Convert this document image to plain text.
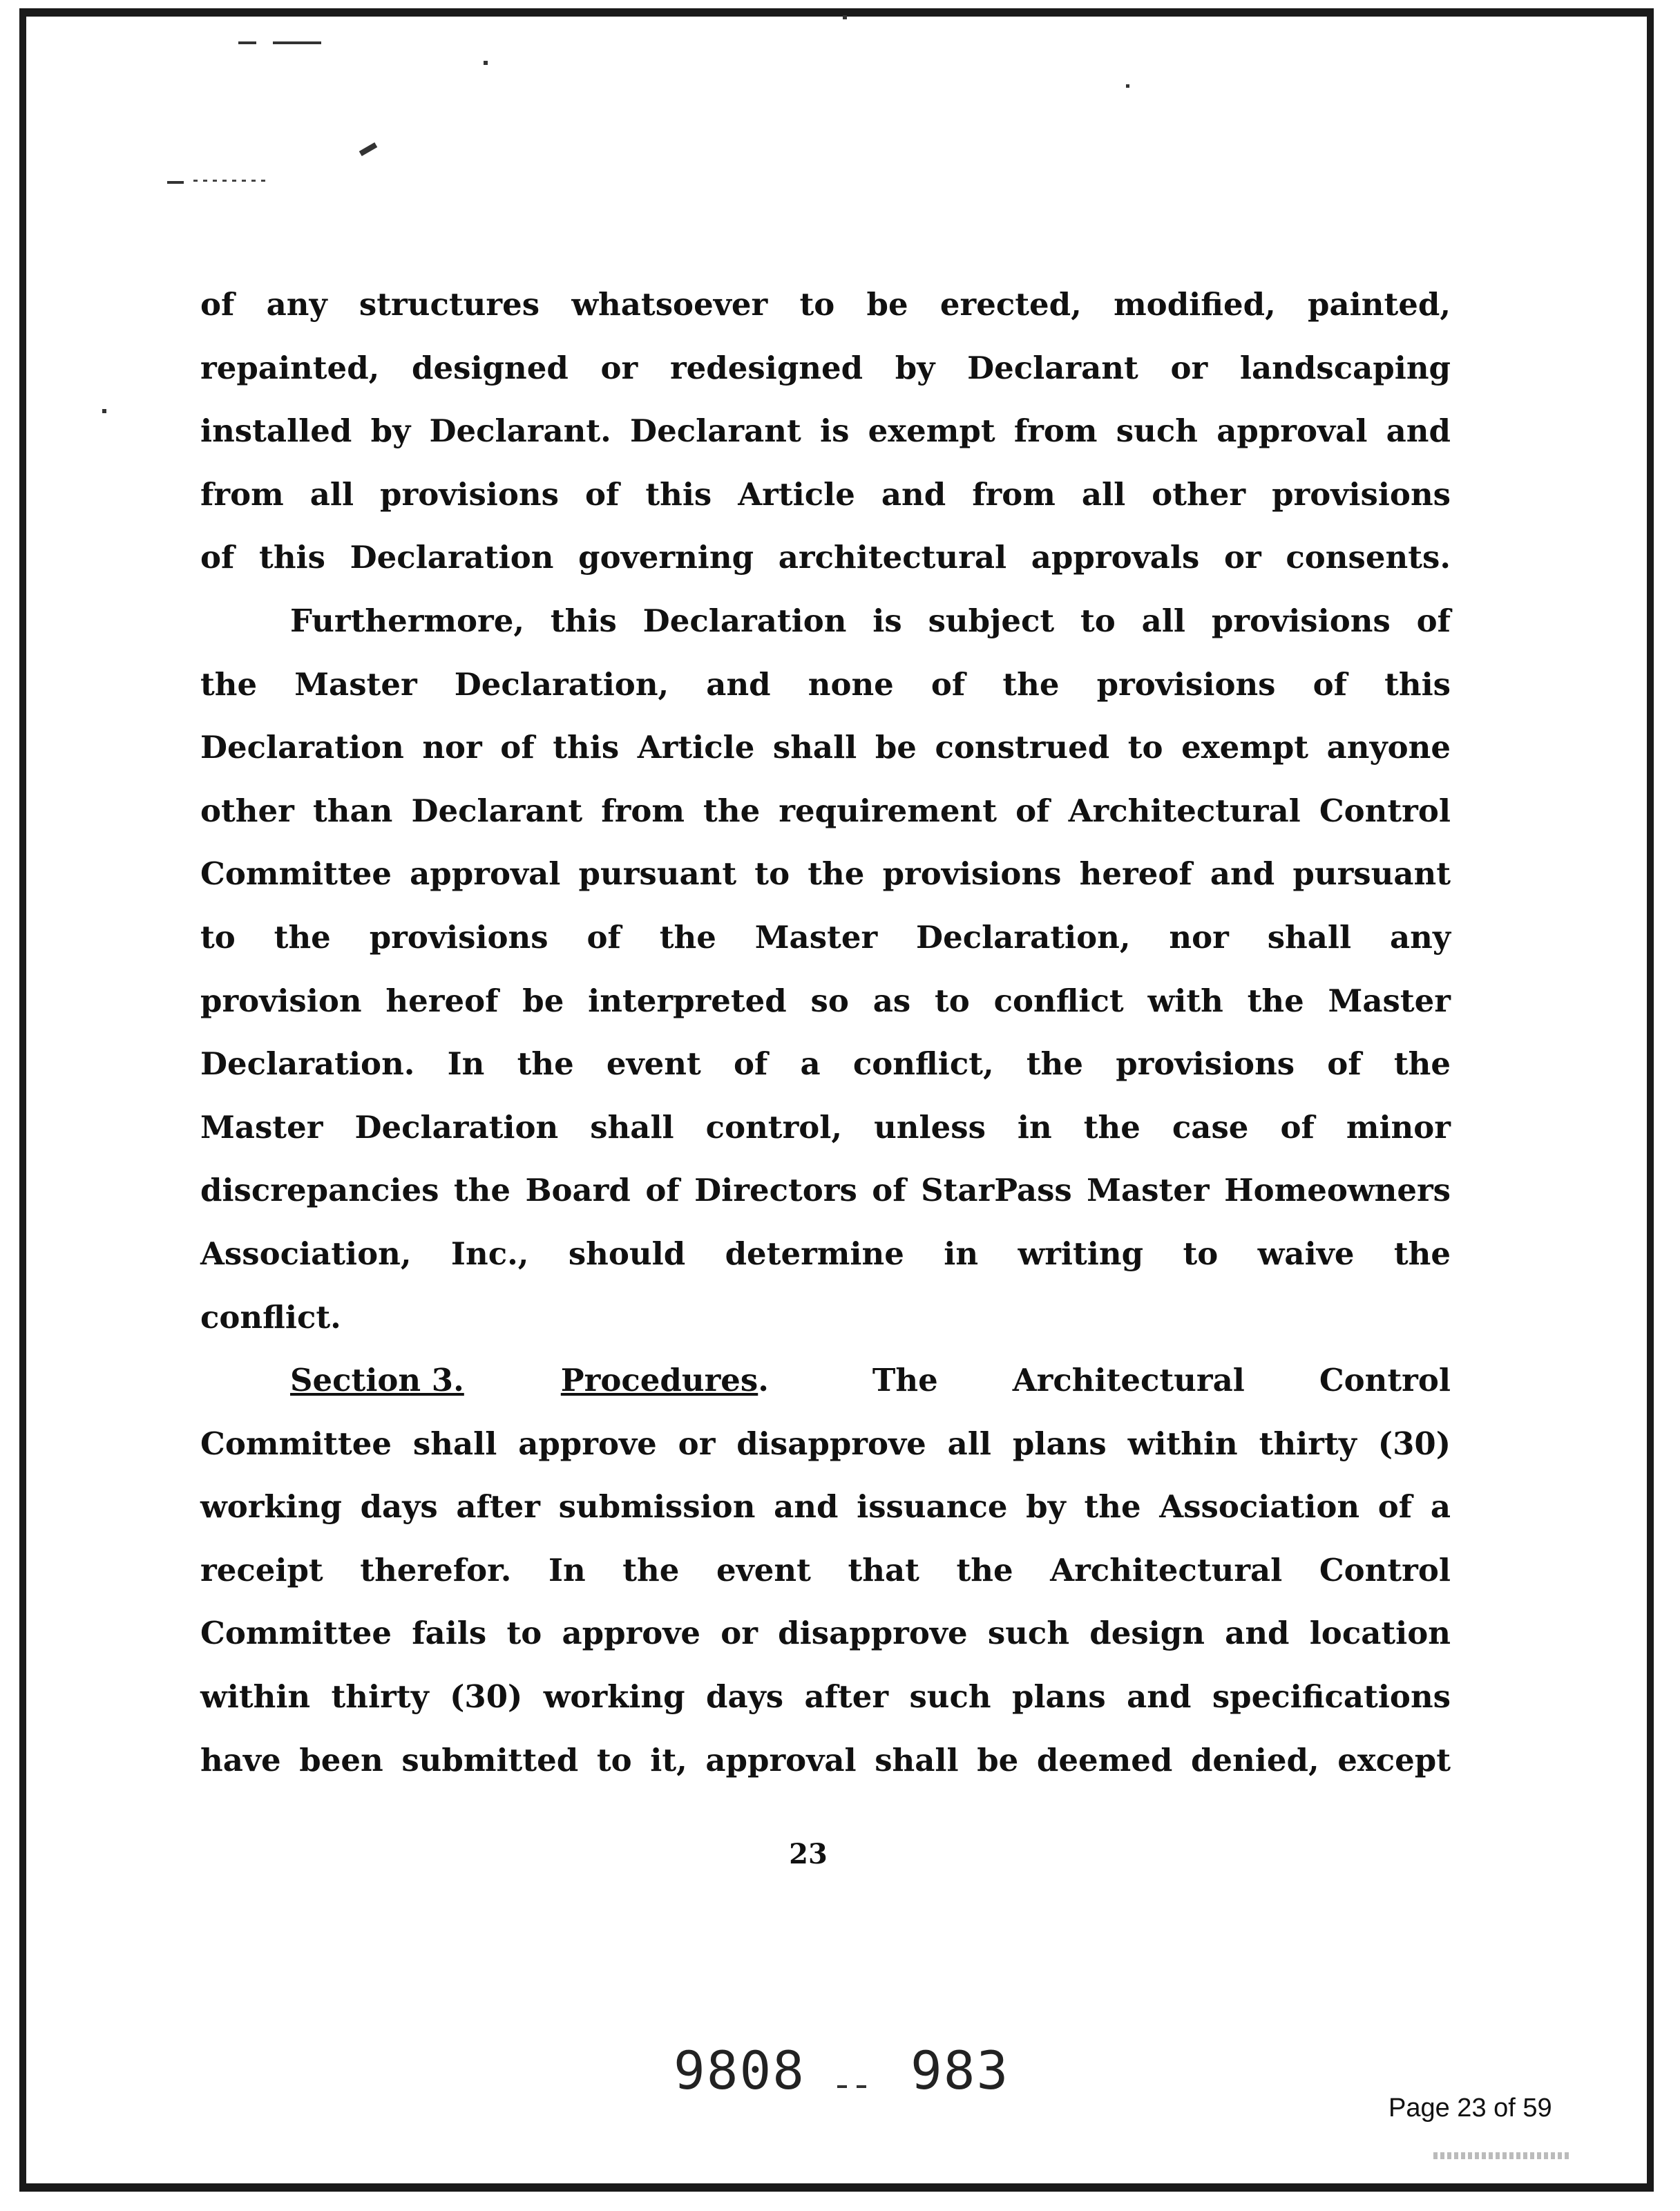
of any structures whatsoever to be erected, modified, painted,
repainted, designed or redesigned by Declarant or landscaping
installed by Declarant. Declarant is exempt from such approval and
from all provisions of this Article and from all other provisions
of this Declaration governing architectural approvals or consents.
Furthermore, this Declaration is subject to all provisions of
the Master Declaration, and none of the provisions of this
Declaration nor of this Article shall be construed to exempt anyone
other than Declarant from the requirement of Architectural Control
Committee approval pursuant to the provisions hereof and pursuant
to the provisions of the Master Declaration, nor shall any
provision hereof be interpreted so as to conflict with the Master
Declaration. In the event of a conflict, the provisions of the
Master Declaration shall control, unless in the case of minor
discrepancies the Board of Directors of StarPass Master Homeowners
Association, Inc., should determine in writing to waive the
conflict.
Section 3.	Procedures .	The Architectural Control
Committee shall approve or disapprove all plans within thirty (30)
working days after submission and issuance by the Association of a
receipt therefor. In the event that the Architectural Control
Committee fails to approve or disapprove such design and location
within thirty (30) working days after such plans and specifications
have been submitted to it, approval shall be deemed denied, except
23
9808 983
Page 23 of 59
